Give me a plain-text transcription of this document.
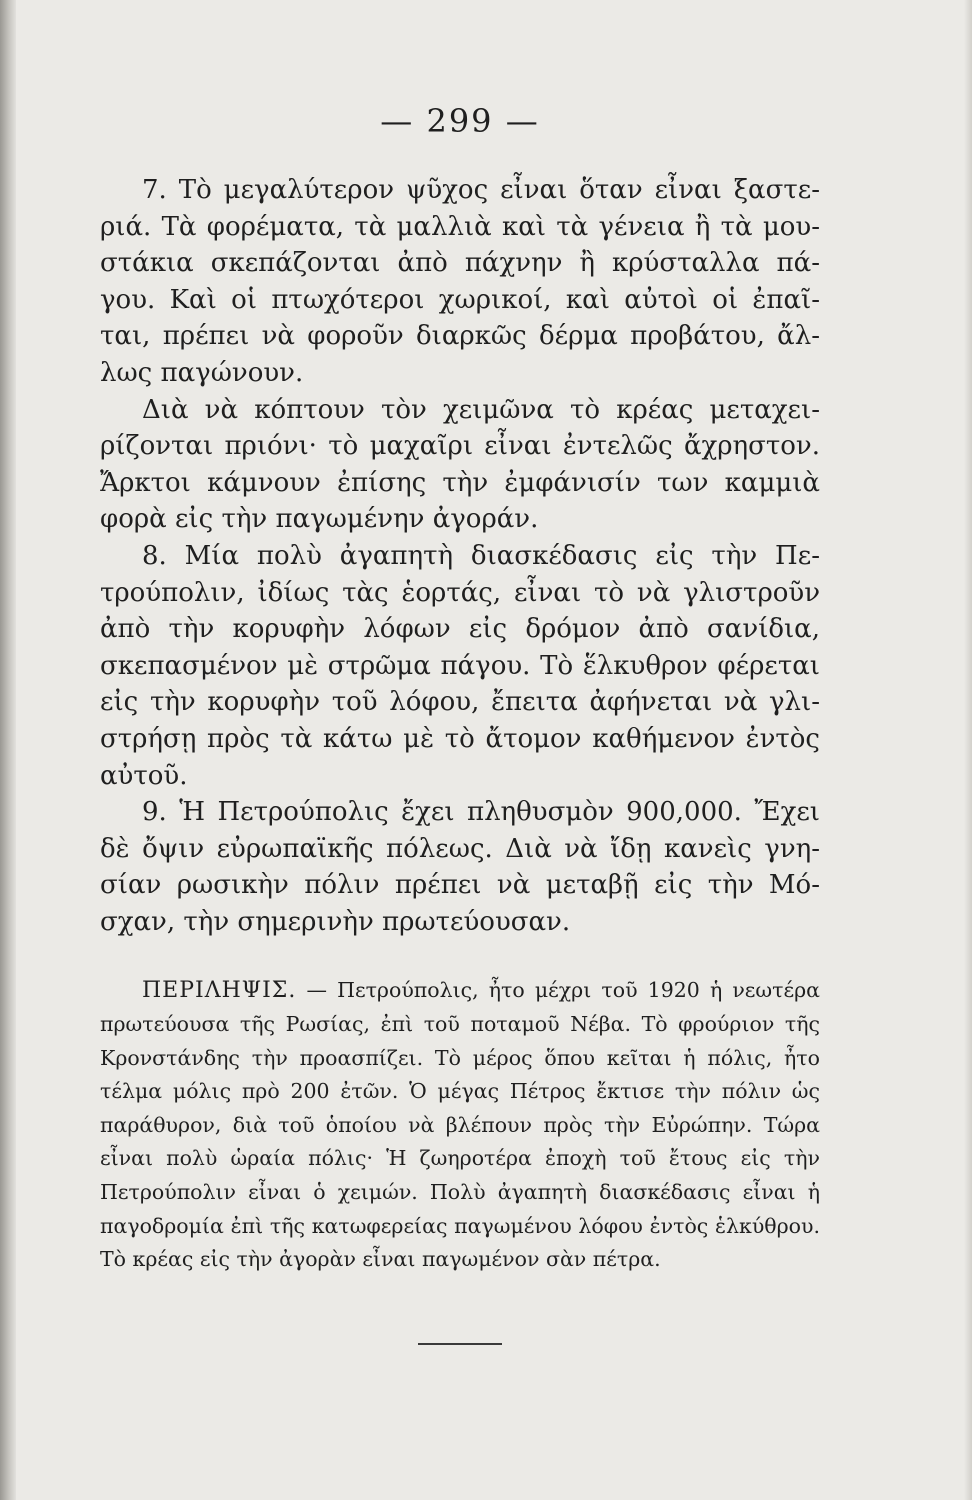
— 299 —

7. Τὸ μεγαλύτερον ψῦχος εἶναι ὅταν εἶναι ξαστε-ριά. Τὰ φορέματα, τὰ μαλλιὰ καὶ τὰ γένεια ἢ τὰ μου-στάκια σκεπάζονται ἀπὸ πάχνην ἢ κρύσταλλα πά-γου. Καὶ οἱ πτωχότεροι χωρικοί, καὶ αὐτοὶ οἱ ἐπαῖ-ται, πρέπει νὰ φοροῦν διαρκῶς δέρμα προβάτου, ἄλ-λως παγώνουν.

Διὰ νὰ κόπτουν τὸν χειμῶνα τὸ κρέας μεταχει-ρίζονται πριόνι· τὸ μαχαῖρι εἶναι ἐντελῶς ἄχρηστον. Ἄρκτοι κάμνουν ἐπίσης τὴν ἐμφάνισίν των καμμιὰ φορὰ εἰς τὴν παγωμένην ἀγοράν.

8. Μία πολὺ ἀγαπητὴ διασκέδασις εἰς τὴν Πε-τρούπολιν, ἰδίως τὰς ἑορτάς, εἶναι τὸ νὰ γλιστροῦν ἀπὸ τὴν κορυφὴν λόφων εἰς δρόμον ἀπὸ σανίδια, σκεπασμένον μὲ στρῶμα πάγου. Τὸ ἕλκυθρον φέρεται εἰς τὴν κορυφὴν τοῦ λόφου, ἔπειτα ἀφήνεται νὰ γλι-στρήσῃ πρὸς τὰ κάτω μὲ τὸ ἄτομον καθήμενον ἐντὸς αὐτοῦ.

9. Ἡ Πετρούπολις ἔχει πληθυσμὸν 900,000. Ἔχει δὲ ὄψιν εὐρωπαϊκῆς πόλεως. Διὰ νὰ ἴδῃ κανεὶς γνη-σίαν ρωσικὴν πόλιν πρέπει νὰ μεταβῇ εἰς τὴν Μό-σχαν, τὴν σημερινὴν πρωτεύουσαν.

ΠΕΡΙΛΗΨΙΣ. — Πετρούπολις, ἦτο μέχρι τοῦ 1920 ἡ νεωτέρα πρωτεύουσα τῆς Ρωσίας, ἐπὶ τοῦ ποταμοῦ Νέβα. Τὸ φρούριον τῆς Κρονστάνδης τὴν προασπίζει. Τὸ μέρος ὅπου κεῖται ἡ πόλις, ἦτο τέλμα μόλις πρὸ 200 ἐτῶν. Ὁ μέγας Πέτρος ἔκτισε τὴν πόλιν ὡς παράθυρον, διὰ τοῦ ὁποίου νὰ βλέπουν πρὸς τὴν Εὐρώπην. Τώρα εἶναι πολὺ ὡραία πόλις· Ἡ ζωηροτέρα ἐποχὴ τοῦ ἔτους εἰς τὴν Πετρούπολιν εἶναι ὁ χειμών. Πολὺ ἀγαπητὴ διασκέδασις εἶναι ἡ παγοδρομία ἐπὶ τῆς κατωφερείας παγωμένου λόφου ἐντὸς ἑλκύθρου. Τὸ κρέας εἰς τὴν ἀγορὰν εἶναι παγωμένον σὰν πέτρα.
